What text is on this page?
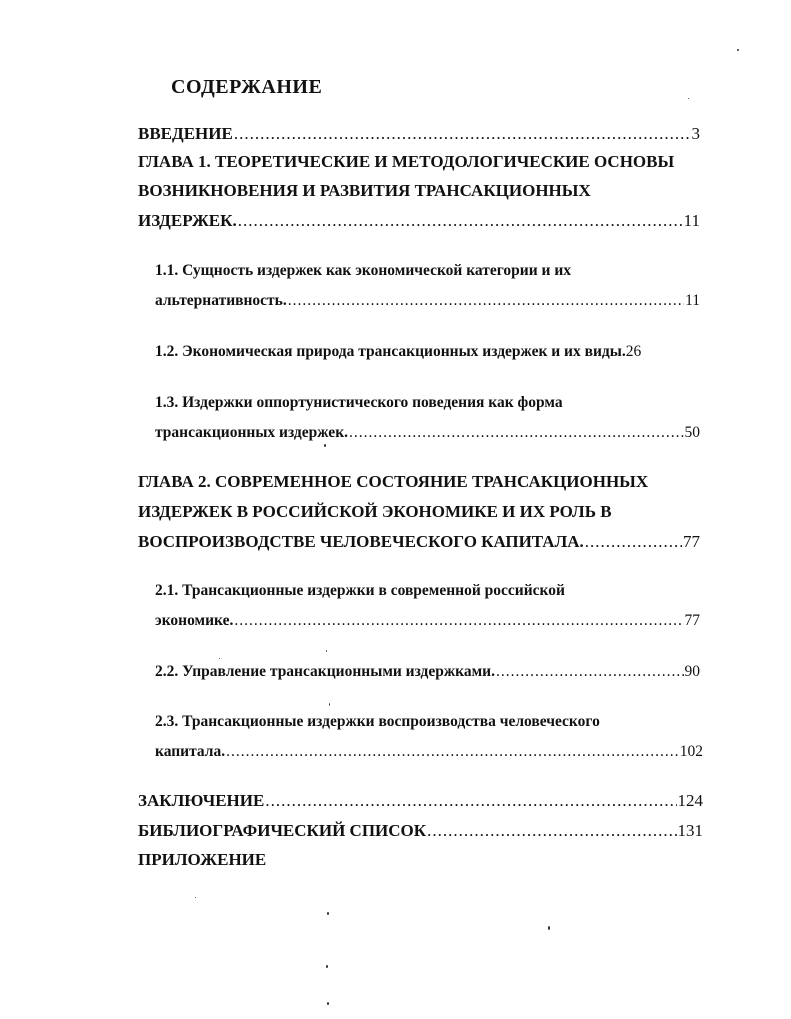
СОДЕРЖАНИЕ
ВВЕДЕНИЕ .....	3
ГЛАВА 1. ТЕОРЕТИЧЕСКИЕ И МЕТОДОЛОГИЧЕСКИЕ ОСНОВЫ
ВОЗНИКНОВЕНИЯ И РАЗВИТИЯ ТРАНСАКЦИОННЫХ
ИЗДЕРЖЕК. .....	11
1.1. Сущность издержек как экономической категории и их
альтернативность. .....	11
1.2. Экономическая природа трансакционных издержек и их виды. 26
1.3. Издержки оппортунистического поведения как форма
трансакционных издержек. .....	50
ГЛАВА 2. СОВРЕМЕННОЕ СОСТОЯНИЕ ТРАНСАКЦИОННЫХ
ИЗДЕРЖЕК В РОССИЙСКОЙ ЭКОНОМИКЕ И ИХ РОЛЬ В
ВОСПРОИЗВОДСТВЕ ЧЕЛОВЕЧЕСКОГО КАПИТАЛА. .....	77
2.1. Трансакционные издержки в современной российской
экономике. .....	77
2.2. Управление трансакционными издержками. .....	90
2.3. Трансакционные издержки воспроизводства человеческого
капитала. .....	102
ЗАКЛЮЧЕНИЕ .....	124
БИБЛИОГРАФИЧЕСКИЙ СПИСОК .....	131
ПРИЛОЖЕНИЕ
